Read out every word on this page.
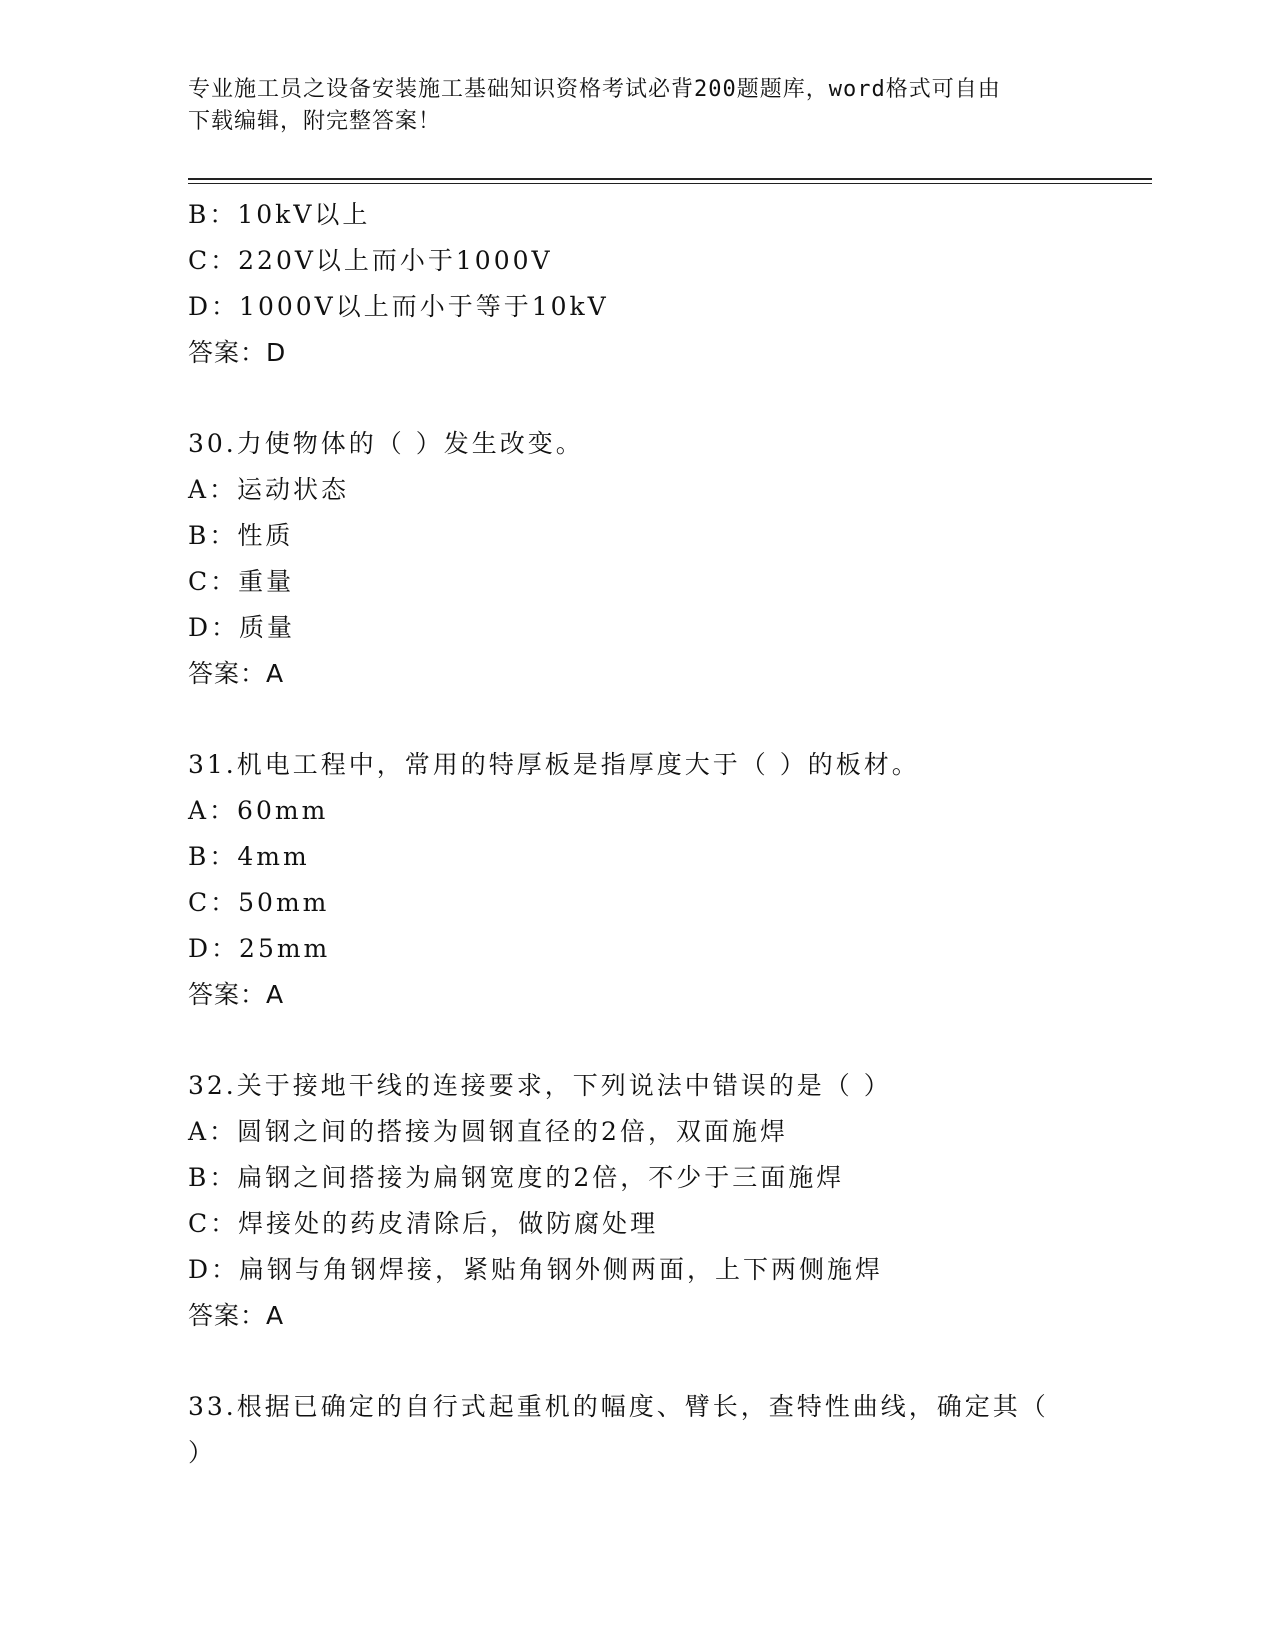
专业施工员之设备安装施工基础知识资格考试必背200题题库，word格式可自由
下载编辑，附完整答案！
B：10kV以上
C：220V以上而小于1000V
D：1000V以上而小于等于10kV
答案：D
30.力使物体的（ ）发生改变。
A：运动状态
B：性质
C：重量
D：质量
答案：A
31.机电工程中，常用的特厚板是指厚度大于（ ）的板材。
A：60mm
B：4mm
C：50mm
D：25mm
答案：A
32.关于接地干线的连接要求，下列说法中错误的是（ ）
A：圆钢之间的搭接为圆钢直径的2倍，双面施焊
B：扁钢之间搭接为扁钢宽度的2倍，不少于三面施焊
C：焊接处的药皮清除后，做防腐处理
D：扁钢与角钢焊接，紧贴角钢外侧两面，上下两侧施焊
答案：A
33.根据已确定的自行式起重机的幅度、臂长，查特性曲线，确定其（
）
